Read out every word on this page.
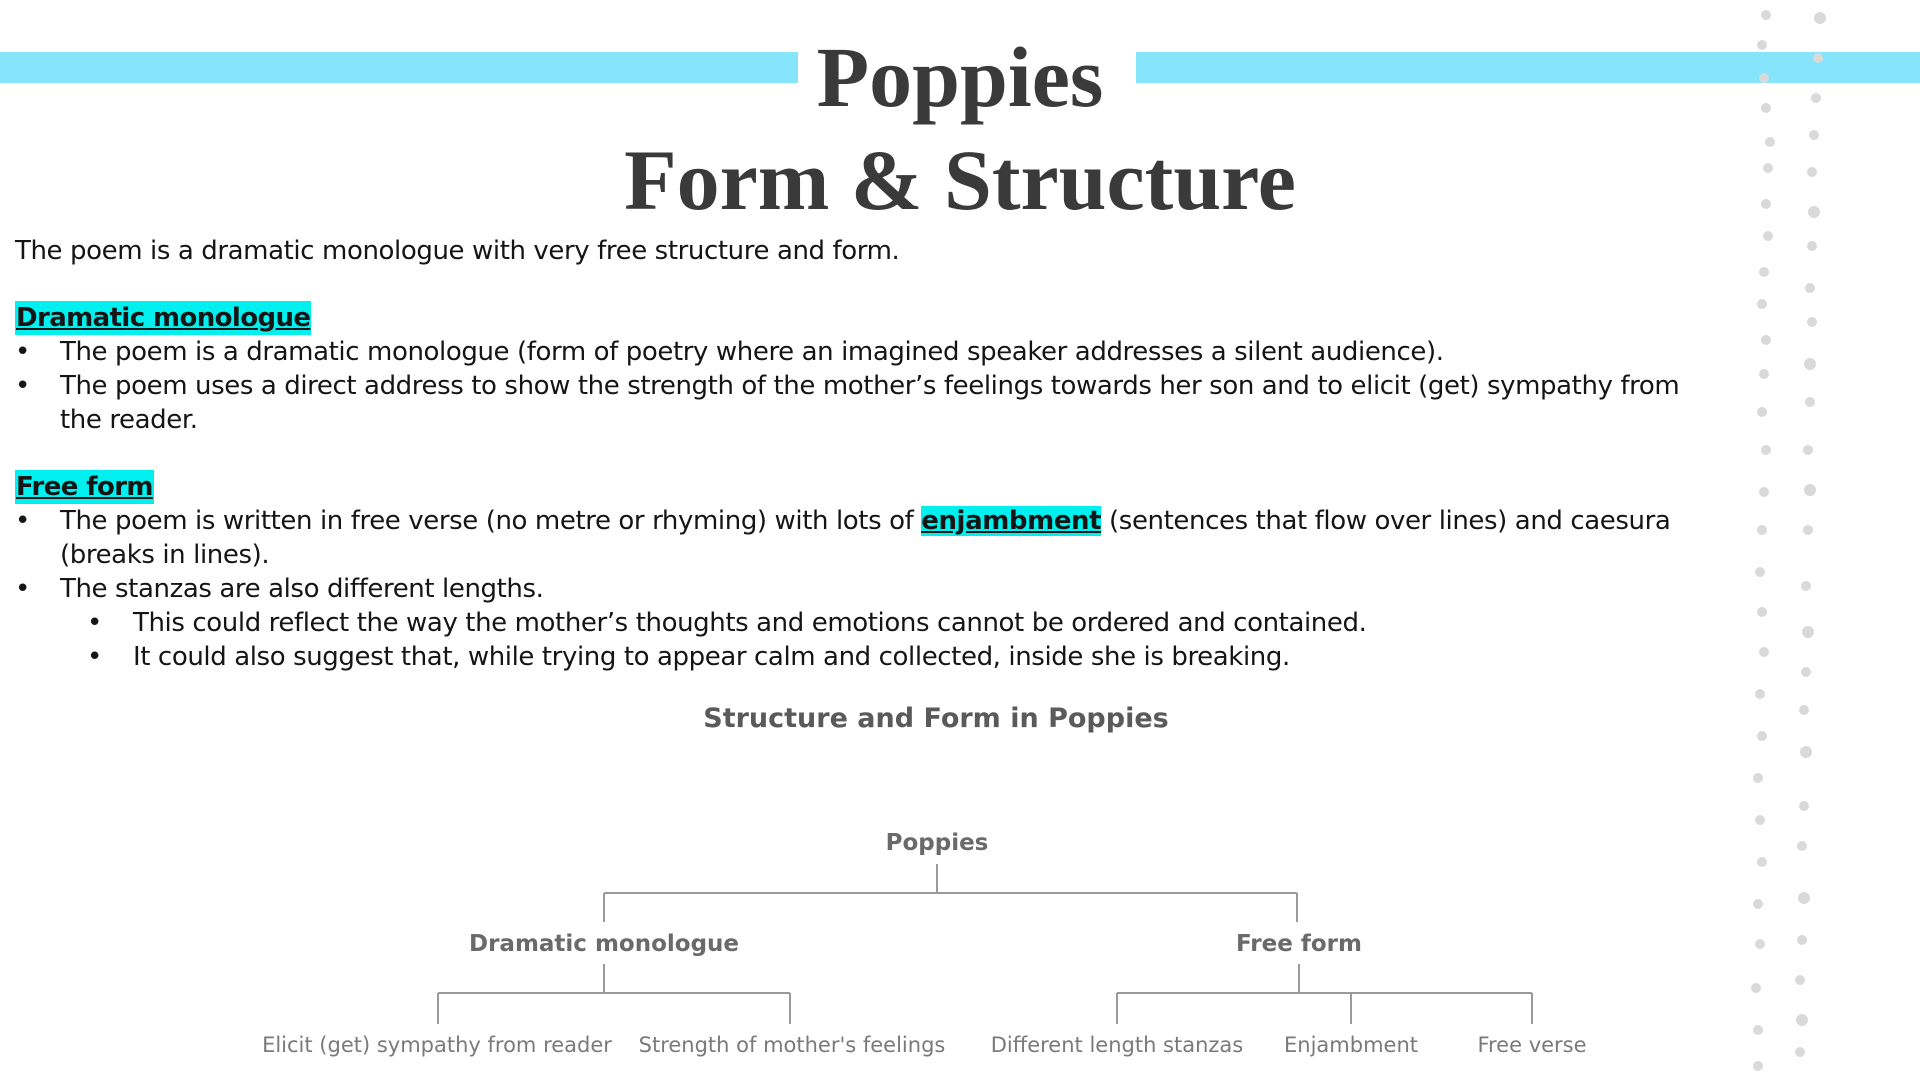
Poppies
Form & Structure

The poem is a dramatic monologue with very free structure and form.

Dramatic monologue

• The poem is a dramatic monologue (form of poetry where an imagined speaker addresses a silent audience).
• The poem uses a direct address to show the strength of the mother’s feelings towards her son and to elicit (get) sympathy from the reader.

Free form

• The poem is written in free verse (no metre or rhyming) with lots of enjambment (sentences that flow over lines) and caesura (breaks in lines).
• The stanzas are also different lengths.
• This could reflect the way the mother’s thoughts and emotions cannot be ordered and contained.
• It could also suggest that, while trying to appear calm and collected, inside she is breaking.
Structure and Form in Poppies
Poppies
Dramatic monologue	Free form
Elicit (get) sympathy from reader Strength of mother's feelings Different length stanzas Enjambment	Free verse
